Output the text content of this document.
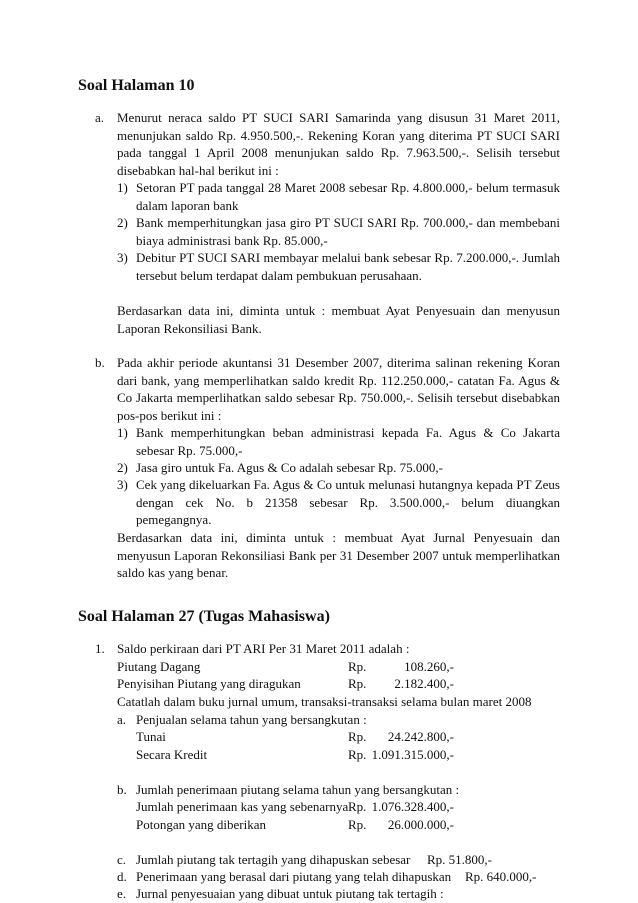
Soal Halaman 10
a. Menurut neraca saldo PT SUCI SARI Samarinda yang disusun 31 Maret 2011, menunjukan saldo Rp. 4.950.500,-. Rekening Koran yang diterima PT SUCI SARI pada tanggal 1 April 2008 menunjukan saldo Rp. 7.963.500,-. Selisih tersebut disebabkan hal-hal berikut ini :

1) Setoran PT pada tanggal 28 Maret 2008 sebesar Rp. 4.800.000,- belum termasuk dalam laporan bank

2) Bank memperhitungkan jasa giro PT SUCI SARI Rp. 700.000,- dan membebani biaya administrasi bank Rp. 85.000,-

3) Debitur PT SUCI SARI membayar melalui bank sebesar Rp. 7.200.000,-. Jumlah tersebut belum terdapat dalam pembukuan perusahaan.

Berdasarkan data ini, diminta untuk : membuat Ayat Penyesuain dan menyusun Laporan Rekonsiliasi Bank.

b. Pada akhir periode akuntansi 31 Desember 2007, diterima salinan rekening Koran dari bank, yang memperlihatkan saldo kredit Rp. 112.250.000,- catatan Fa. Agus & Co Jakarta memperlihatkan saldo sebesar Rp. 750.000,-. Selisih tersebut disebabkan pos-pos berikut ini :

1) Bank memperhitungkan beban administrasi kepada Fa. Agus & Co Jakarta sebesar Rp. 75.000,-

2) Jasa giro untuk Fa. Agus & Co adalah sebesar Rp. 75.000,-

3) Cek yang dikeluarkan Fa. Agus & Co untuk melunasi hutangnya kepada PT Zeus dengan cek No. b 21358 sebesar Rp. 3.500.000,- belum diuangkan pemegangnya.

Berdasarkan data ini, diminta untuk : membuat Ayat Jurnal Penyesuain dan menyusun Laporan Rekonsiliasi Bank per 31 Desember 2007 untuk memperlihatkan saldo kas yang benar.

Soal Halaman 27 (Tugas Mahasiswa)
1. Saldo perkiraan dari PT ARI Per 31 Maret 2011 adalah :
Piutang Dagang	Rp.	108.260,-
Penyisihan Piutang yang diragukan	Rp.	2.182.400,-
Catatlah dalam buku jurnal umum, transaksi-transaksi selama bulan maret 2008
a. Penjualan selama tahun yang bersangkutan :
Tunai	Rp.	24.242.800,-
Secara Kredit	Rp. 1.091.315.000,-
b. Jumlah penerimaan piutang selama tahun yang bersangkutan :
Jumlah penerimaan kas yang sebenarnya Rp. 1.076.328.400,-
Potongan yang diberikan	Rp.	26.000.000,-
c. Jumlah piutang tak tertagih yang dihapuskan sebesar Rp. 51.800,-
d. Penerimaan yang berasal dari piutang yang telah dihapuskan Rp. 640.000,-
e. Jurnal penyesuaian yang dibuat untuk piutang tak tertagih :
